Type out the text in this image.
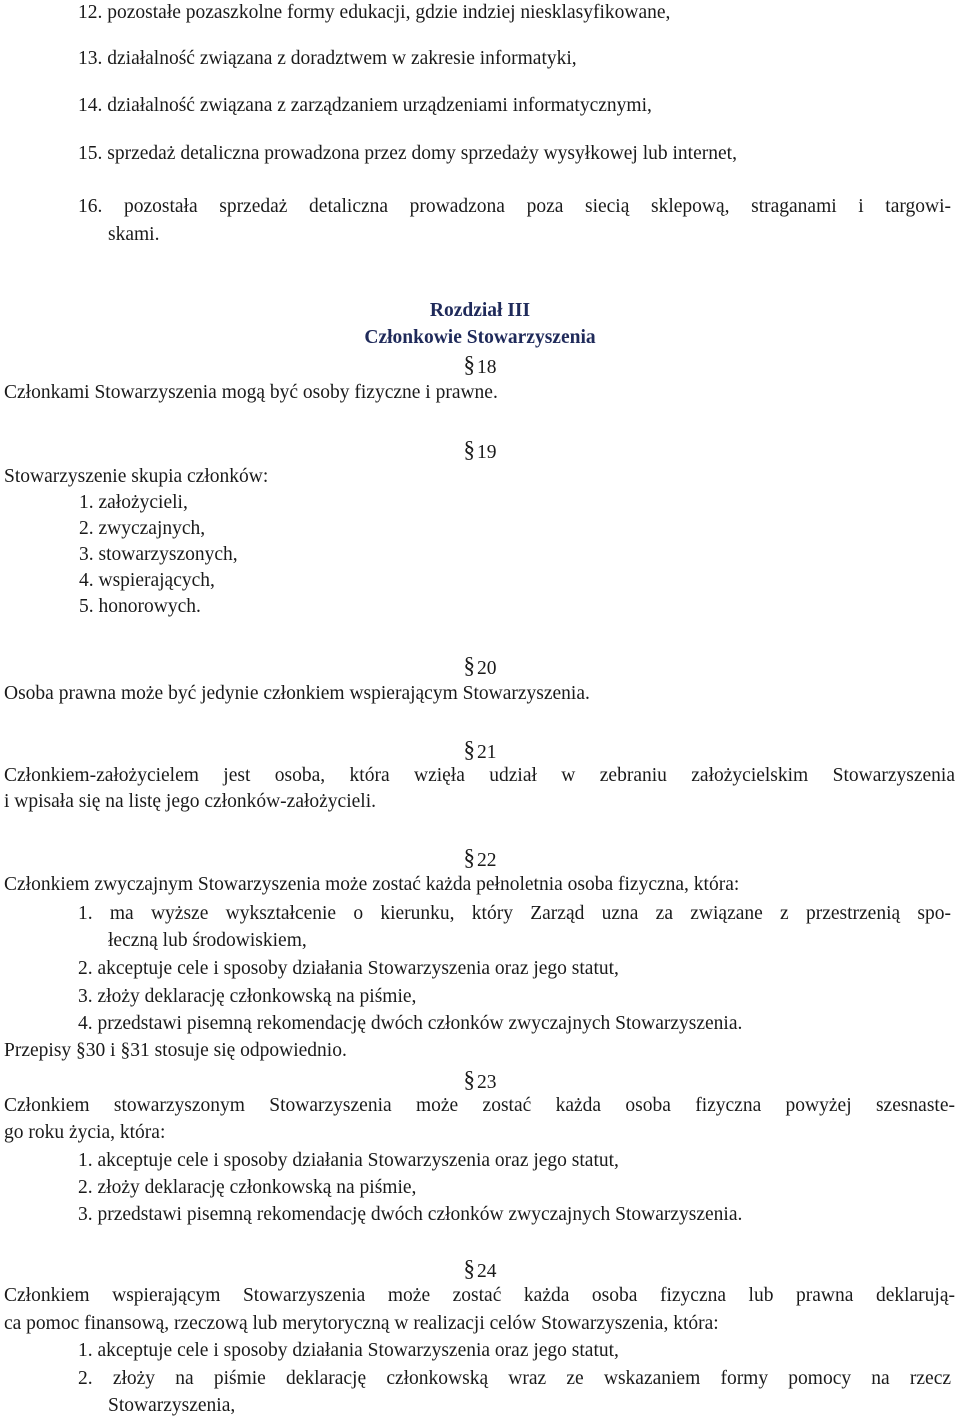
12. pozostałe pozaszkolne formy edukacji, gdzie indziej niesklasyfikowane,
13. działalność związana z doradztwem w zakresie informatyki,
14. działalność związana z zarządzaniem urządzeniami informatycznymi,
15. sprzedaż detaliczna prowadzona przez domy sprzedaży wysyłkowej lub internet,
16. pozostała sprzedaż detaliczna prowadzona poza siecią sklepową, straganami i targowi-
skami.
Rozdział III
Członkowie Stowarzyszenia
§ 18
Członkami Stowarzyszenia mogą być osoby fizyczne i prawne.
§ 19
Stowarzyszenie skupia członków:
1. założycieli,
2. zwyczajnych,
3. stowarzyszonych,
4. wspierających,
5. honorowych.
§ 20
Osoba prawna może być jedynie członkiem wspierającym Stowarzyszenia.
§ 21
Członkiem-założycielem jest osoba, która wzięła udział w zebraniu założycielskim Stowarzyszenia
i wpisała się na listę jego członków-założycieli.
§ 22
Członkiem zwyczajnym Stowarzyszenia może zostać każda pełnoletnia osoba fizyczna, która:
1. ma wyższe wykształcenie o kierunku, który Zarząd uzna za związane z przestrzenią spo-
łeczną lub środowiskiem,
2. akceptuje cele i sposoby działania Stowarzyszenia oraz jego statut,
3. złoży deklarację członkowską na piśmie,
4. przedstawi pisemną rekomendację dwóch członków zwyczajnych Stowarzyszenia.
Przepisy §30 i §31 stosuje się odpowiednio.
§ 23
Członkiem stowarzyszonym Stowarzyszenia może zostać każda osoba fizyczna powyżej szesnaste-
go roku życia, która:
1. akceptuje cele i sposoby działania Stowarzyszenia oraz jego statut,
2. złoży deklarację członkowską na piśmie,
3. przedstawi pisemną rekomendację dwóch członków zwyczajnych Stowarzyszenia.
§ 24
Członkiem wspierającym Stowarzyszenia może zostać każda osoba fizyczna lub prawna deklarują-
ca pomoc finansową, rzeczową lub merytoryczną w realizacji celów Stowarzyszenia, która:
1. akceptuje cele i sposoby działania Stowarzyszenia oraz jego statut,
2. złoży na piśmie deklarację członkowską wraz ze wskazaniem formy pomocy na rzecz
Stowarzyszenia,
